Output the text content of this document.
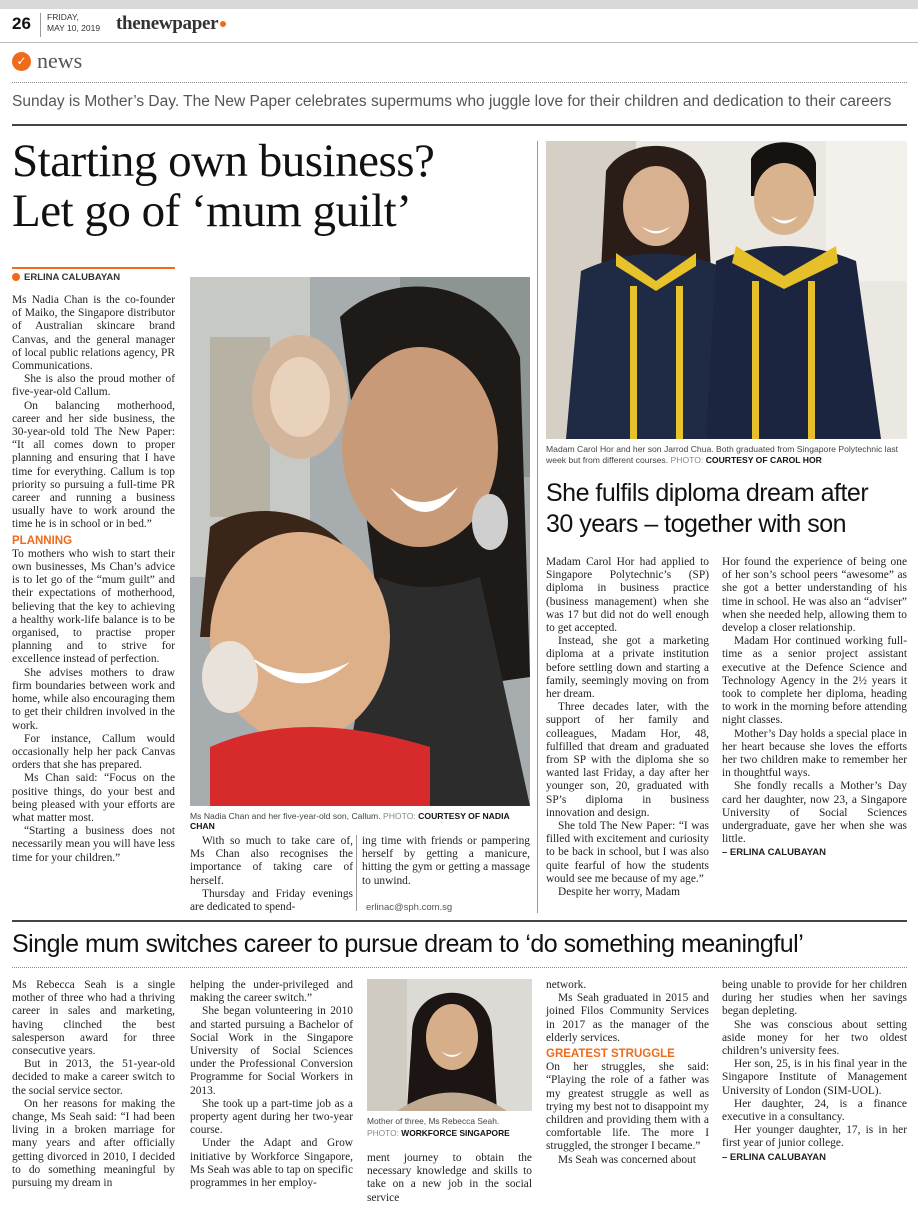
26 FRIDAY,
MAY 10, 2019 thenewpaper
✓ news
Sunday is Mother’s Day. The New Paper celebrates supermums who juggle love for their children and dedication to their careers
Starting own business?
Let go of ‘mum guilt’
ERLINA CALUBAYAN

Ms Nadia Chan is the co-founder of Maiko, the Singapore distributor of Australian skincare brand Canvas, and the general manager of local public relations agency, PR Communications.

She is also the proud mother of five-year-old Callum.

On balancing motherhood, career and her side business, the 30-year-old told The New Paper: “It all comes down to proper planning and ensuring that I have time for everything. Callum is top priority so pursuing a full-time PR career and running a business usually have to work around the time he is in school or in bed.”

PLANNING

To mothers who wish to start their own businesses, Ms Chan’s advice is to let go of the “mum guilt” and their expectations of motherhood, believing that the key to achieving a healthy work-life balance is to be organised, to practise proper planning and to strive for excellence instead of perfection.

She advises mothers to draw firm boundaries between work and home, while also encouraging them to get their children involved in the work.

For instance, Callum would occasionally help her pack Canvas orders that she has prepared.

Ms Chan said: “Focus on the positive things, do your best and being pleased with your efforts are what matter most.

“Starting a business does not necessarily mean you will have less time for your children.”

Ms Nadia Chan and her five-year-old son, Callum. PHOTO: COURTESY OF NADIA CHAN

With so much to take care of, Ms Chan also recognises the importance of taking care of herself.

Thursday and Friday evenings are dedicated to spend-

ing time with friends or pampering herself by getting a manicure, hitting the gym or getting a massage to unwind.

erlinac@sph.com.sg
Madam Carol Hor and her son Jarrod Chua. Both graduated from Singapore Polytechnic last week but from different courses. PHOTO: COURTESY OF CAROL HOR
She fulfils diploma dream after
30 years – together with son

Madam Carol Hor had applied to Singapore Polytechnic’s (SP) diploma in business practice (business management) when she was 17 but did not do well enough to get accepted.

Instead, she got a marketing diploma at a private institution before settling down and starting a family, seemingly moving on from her dream.

Three decades later, with the support of her family and colleagues, Madam Hor, 48, fulfilled that dream and graduated from SP with the diploma she so wanted last Friday, a day after her younger son, 20, graduated with SP’s diploma in business innovation and design.

She told The New Paper: “I was filled with excitement and curiosity to be back in school, but I was also quite fearful of how the students would see me because of my age.”

Despite her worry, Madam

Hor found the experience of being one of her son’s school peers “awesome” as she got a better understanding of his time in school. He was also an “adviser” when she needed help, allowing them to develop a closer relationship.

Madam Hor continued working full-time as a senior project assistant executive at the Defence Science and Technology Agency in the 2½ years it took to complete her diploma, heading to work in the morning before attending night classes.

Mother’s Day holds a special place in her heart because she loves the efforts her two children make to remember her in thoughtful ways.

She fondly recalls a Mother’s Day card her daughter, now 23, a Singapore University of Social Sciences undergraduate, gave her when she was little.

– ERLINA CALUBAYAN

Single mum switches career to pursue dream to ‘do something meaningful’

Ms Rebecca Seah is a single mother of three who had a thriving career in sales and marketing, having clinched the best salesperson award for three consecutive years.

But in 2013, the 51-year-old decided to make a career switch to the social service sector.

On her reasons for making the change, Ms Seah said: “I had been living in a broken marriage for many years and after officially getting divorced in 2010, I decided to do something meaningful by pursuing my dream in

helping the under-privileged and making the career switch.”

She began volunteering in 2010 and started pursuing a Bachelor of Social Work in the Singapore University of Social Sciences under the Professional Conversion Programme for Social Workers in 2013.

She took up a part-time job as a property agent during her two-year course.

Under the Adapt and Grow initiative by Workforce Singapore, Ms Seah was able to tap on specific programmes in her employ-

Mother of three, Ms Rebecca Seah.
PHOTO: WORKFORCE SINGAPORE

ment journey to obtain the necessary knowledge and skills to take on a new job in the social service

network.

Ms Seah graduated in 2015 and joined Filos Community Services in 2017 as the manager of the elderly services.

GREATEST STRUGGLE

On her struggles, she said: “Playing the role of a father was my greatest struggle as well as trying my best not to disappoint my children and providing them with a comfortable life. The more I struggled, the stronger I became.”

Ms Seah was concerned about

being unable to provide for her children during her studies when her savings began depleting.

She was conscious about setting aside money for her two oldest children’s university fees.

Her son, 25, is in his final year in the Singapore Institute of Management University of London (SIM-UOL).

Her daughter, 24, is a finance executive in a consultancy.

Her younger daughter, 17, is in her first year of junior college.

– ERLINA CALUBAYAN
